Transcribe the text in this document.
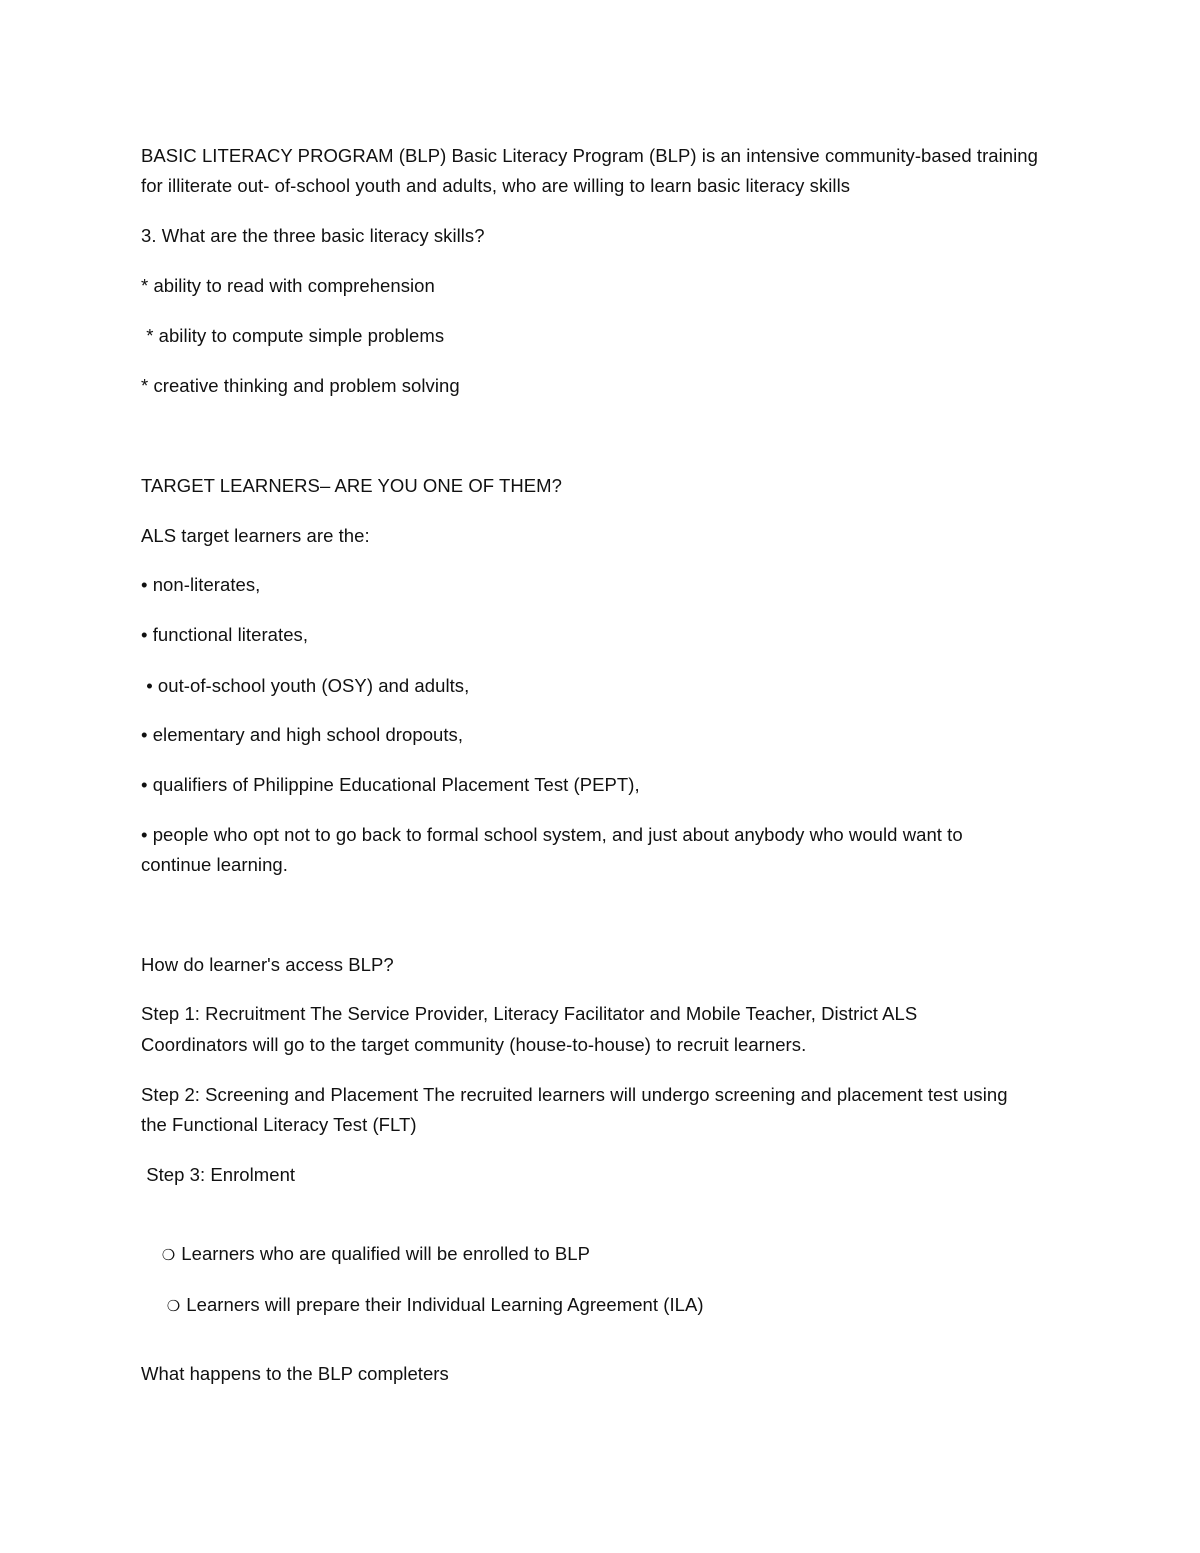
BASIC LITERACY PROGRAM (BLP) Basic Literacy Program (BLP) is an intensive community-based training
for illiterate out- of-school youth and adults, who are willing to learn basic literacy skills
3. What are the three basic literacy skills?
* ability to read with comprehension
* ability to compute simple problems
* creative thinking and problem solving
TARGET LEARNERS– ARE YOU ONE OF THEM?
ALS target learners are the:
• non-literates,
• functional literates,
• out-of-school youth (OSY) and adults,
• elementary and high school dropouts,
• qualifiers of Philippine Educational Placement Test (PEPT),
• people who opt not to go back to formal school system, and just about anybody who would want to
continue learning.
How do learner's access BLP?
Step 1: Recruitment The Service Provider, Literacy Facilitator and Mobile Teacher, District ALS
Coordinators will go to the target community (house-to-house) to recruit learners.
Step 2: Screening and Placement The recruited learners will undergo screening and placement test using
the Functional Literacy Test (FLT)
Step 3: Enrolment

❍ Learners who are qualified will be enrolled to BLP

❍ Learners will prepare their Individual Learning Agreement (ILA)

What happens to the BLP completers
